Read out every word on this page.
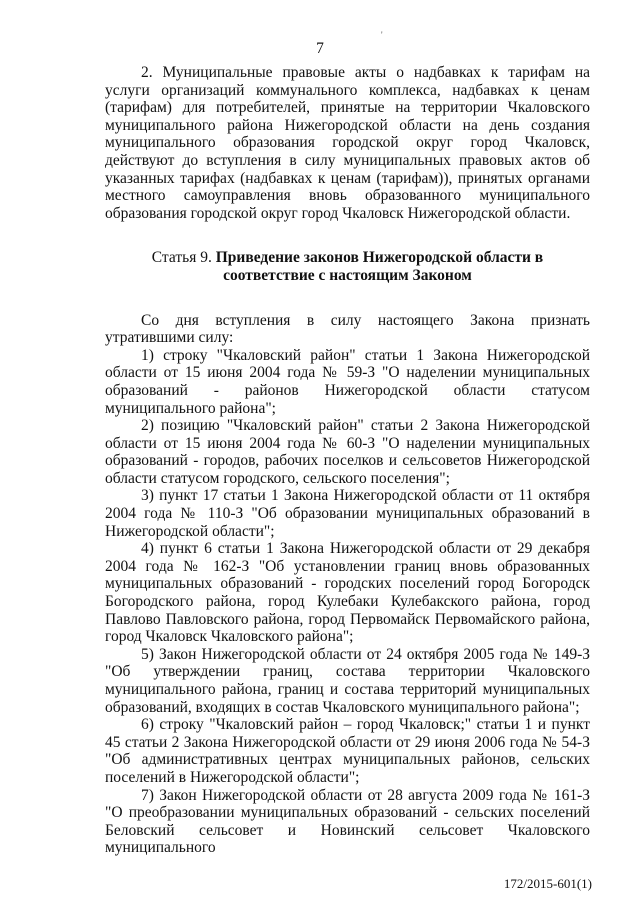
'
7

2. Муниципальные правовые акты о надбавках к тарифам на услуги организаций коммунального комплекса, надбавках к ценам (тарифам) для потребителей, принятые на территории Чкаловского муниципального района Нижегородской области на день создания муниципального образования городской округ город Чкаловск, действуют до вступления в силу муниципальных правовых актов об указанных тарифах (надбавках к ценам (тарифам)), принятых органами местного самоуправления вновь образованного муниципального образования городской округ город Чкаловск Нижегородской области.

Статья 9. Приведение законов Нижегородской области в
соответствие с настоящим Законом

Со дня вступления в силу настоящего Закона признать утратившими силу:

1) строку "Чкаловский район" статьи 1 Закона Нижегородской области от 15 июня 2004 года № 59-З "О наделении муниципальных образований - районов Нижегородской области статусом муниципального района";

2) позицию "Чкаловский район" статьи 2 Закона Нижегородской области от 15 июня 2004 года № 60-З "О наделении муниципальных образований - городов, рабочих поселков и сельсоветов Нижегородской области статусом городского, сельского поселения";

3) пункт 17 статьи 1 Закона Нижегородской области от 11 октября 2004 года № 110-З "Об образовании муниципальных образований в Нижегородской области";

4) пункт 6 статьи 1 Закона Нижегородской области от 29 декабря 2004 года № 162-З "Об установлении границ вновь образованных муниципальных образований - городских поселений город Богородск Богородского района, город Кулебаки Кулебакского района, город Павлово Павловского района, город Первомайск Первомайского района, город Чкаловск Чкаловского района";

5) Закон Нижегородской области от 24 октября 2005 года № 149-З "Об утверждении границ, состава территории Чкаловского муниципального района, границ и состава территорий муниципальных образований, входящих в состав Чкаловского муниципального района";

6) строку "Чкаловский район – город Чкаловск;" статьи 1 и пункт 45 статьи 2 Закона Нижегородской области от 29 июня 2006 года № 54-З "Об административных центрах муниципальных районов, сельских поселений в Нижегородской области";

7) Закон Нижегородской области от 28 августа 2009 года № 161-З "О преобразовании муниципальных образований - сельских поселений Беловский сельсовет и Новинский сельсовет Чкаловского муниципального

172/2015-601(1)
